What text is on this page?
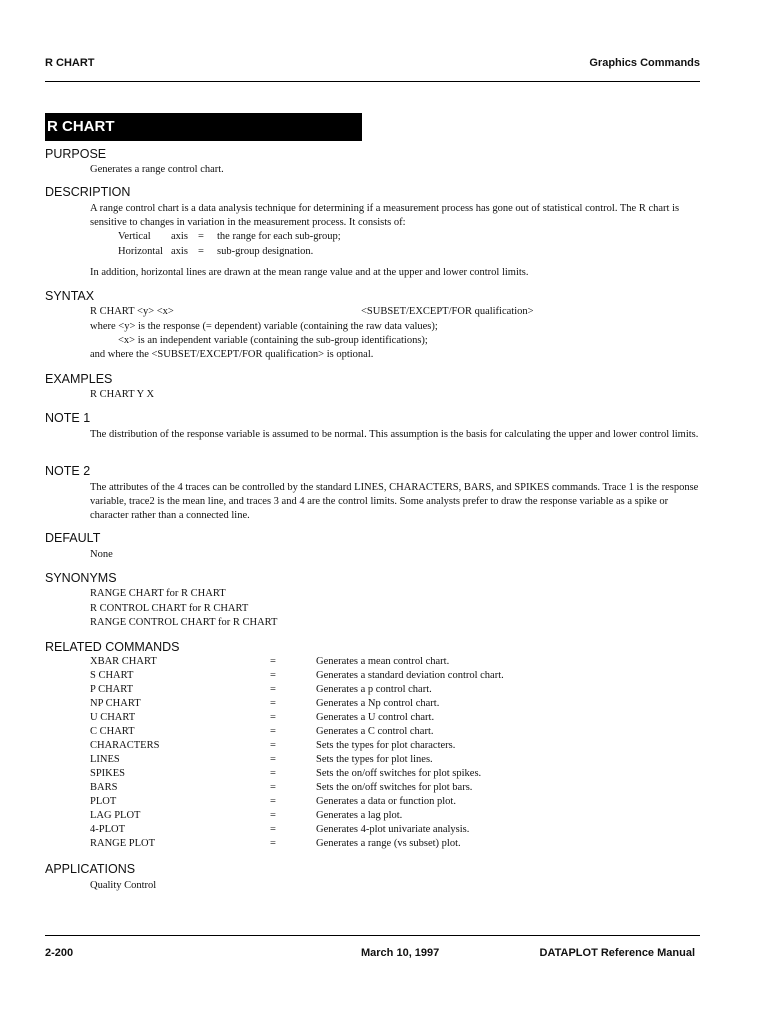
R CHART	Graphics Commands
R CHART
PURPOSE
Generates a range control chart.
DESCRIPTION
A range control chart is a data analysis technique for determining if a measurement process has gone out of statistical control. The R chart is sensitive to changes in variation in the measurement process. It consists of:
Vertical axis = the range for each sub-group;
Horizontal axis = sub-group designation.
In addition, horizontal lines are drawn at the mean range value and at the upper and lower control limits.
SYNTAX
R CHART <y> <x>	<SUBSET/EXCEPT/FOR qualification>
where <y> is the response (= dependent) variable (containing the raw data values);
<x> is an independent variable (containing the sub-group identifications);
and where the <SUBSET/EXCEPT/FOR qualification> is optional.
EXAMPLES
R CHART Y X
NOTE 1
The distribution of the response variable is assumed to be normal. This assumption is the basis for calculating the upper and lower control limits.
NOTE 2
The attributes of the 4 traces can be controlled by the standard LINES, CHARACTERS, BARS, and SPIKES commands. Trace 1 is the response variable, trace2 is the mean line, and traces 3 and 4 are the control limits. Some analysts prefer to draw the response variable as a spike or character rather than a connected line.
DEFAULT
None
SYNONYMS
RANGE CHART for R CHART
R CONTROL CHART for R CHART
RANGE CONTROL CHART for R CHART
RELATED COMMANDS
XBAR CHART	=	Generates a mean control chart.
S CHART	=	Generates a standard deviation control chart.
P CHART	=	Generates a p control chart.
NP CHART	=	Generates a Np control chart.
U CHART	=	Generates a U control chart.
C CHART	=	Generates a C control chart.
CHARACTERS	=	Sets the types for plot characters.
LINES	=	Sets the types for plot lines.
SPIKES	=	Sets the on/off switches for plot spikes.
BARS	=	Sets the on/off switches for plot bars.
PLOT	=	Generates a data or function plot.
LAG PLOT	=	Generates a lag plot.
4-PLOT	=	Generates 4-plot univariate analysis.
RANGE PLOT	=	Generates a range (vs subset) plot.
APPLICATIONS
Quality Control
2-200	March 10, 1997	DATAPLOT Reference Manual
